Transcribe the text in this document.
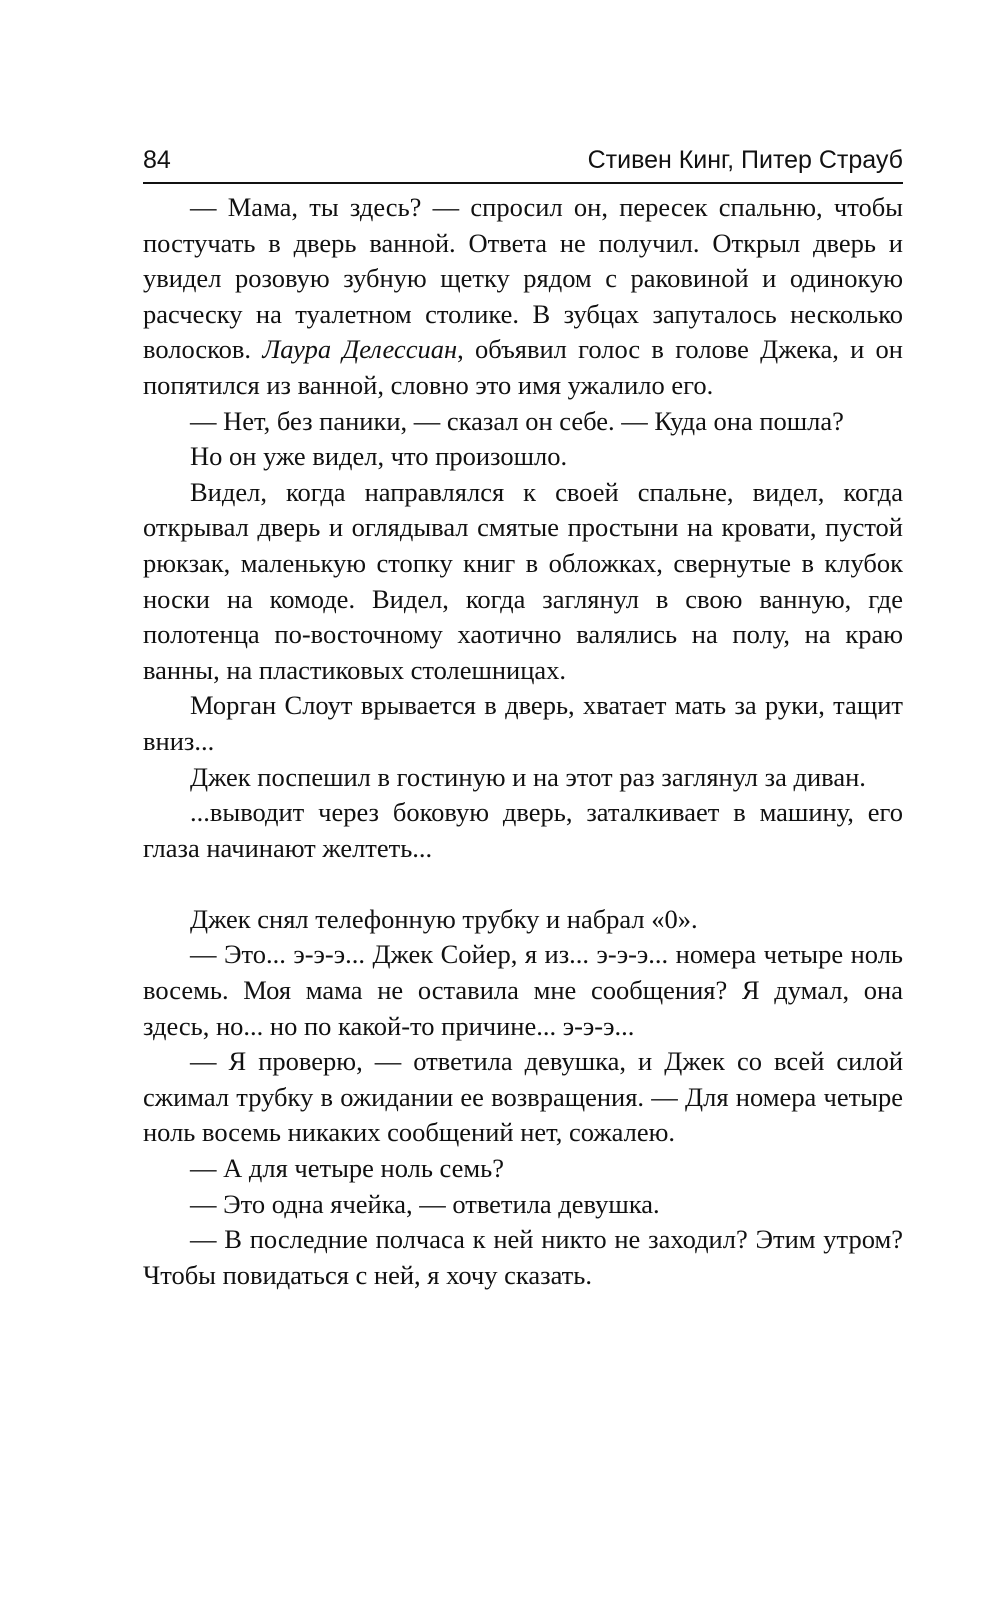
84	Стивен Кинг, Питер Страуб

— Мама, ты здесь? — спросил он, пересек спальню, чтобы постучать в дверь ванной. Ответа не получил. Открыл дверь и увидел розовую зубную щетку рядом с раковиной и одинокую расческу на туалетном столике. В зубцах запуталось несколько волосков. Лаура Делессиан, объявил голос в голове Джека, и он попятился из ванной, словно это имя ужалило его.

— Нет, без паники, — сказал он себе. — Куда она пошла?

Но он уже видел, что произошло.

Видел, когда направлялся к своей спальне, видел, когда открывал дверь и оглядывал смятые простыни на кровати, пустой рюкзак, маленькую стопку книг в обложках, свернутые в клубок носки на комоде. Видел, когда заглянул в свою ванную, где полотенца по-восточному хаотично валялись на полу, на краю ванны, на пластиковых столешницах.

Морган Слоут врывается в дверь, хватает мать за руки, тащит вниз...

Джек поспешил в гостиную и на этот раз заглянул за диван.

...выводит через боковую дверь, заталкивает в машину, его глаза начинают желтеть...

Джек снял телефонную трубку и набрал «0».

— Это... э-э-э... Джек Сойер, я из... э-э-э... номера четыре ноль восемь. Моя мама не оставила мне сообщения? Я думал, она здесь, но... но по какой-то причине... э-э-э...

— Я проверю, — ответила девушка, и Джек со всей силой сжимал трубку в ожидании ее возвращения. — Для номера четыре ноль восемь никаких сообщений нет, сожалею.

— А для четыре ноль семь?

— Это одна ячейка, — ответила девушка.

— В последние полчаса к ней никто не заходил? Этим утром? Чтобы повидаться с ней, я хочу сказать.
